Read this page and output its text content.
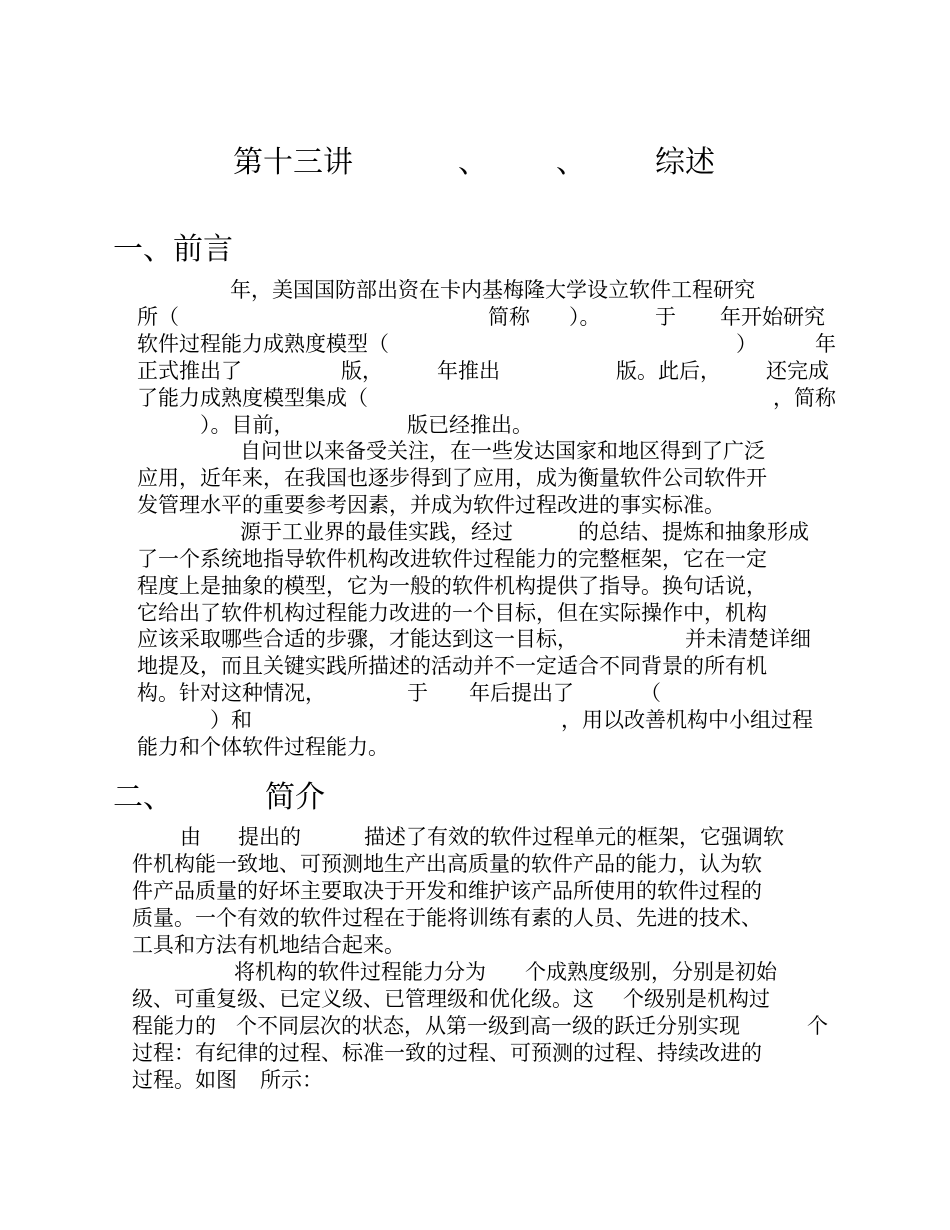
第十三讲	、 、 综述
一、前言
年，美国国防部出资在卡内基梅隆大学设立软件工程研究
所（	简称 ）。	于 年开始研究
软件过程能力成熟度模型（	）	年
正式推出了	版，	年推出	版。此后， 还完成
了能力成熟度模型集成（	，简称
）。目前，	版已经推出。
自问世以来备受关注，在一些发达国家和地区得到了广泛
应用，近年来，在我国也逐步得到了应用，成为衡量软件公司软件开
发管理水平的重要参考因素，并成为软件过程改进的事实标准。
源于工业界的最佳实践，经过	的总结、提炼和抽象形成
了一个系统地指导软件机构改进软件过程能力的完整框架，它在一定
程度上是抽象的模型，它为一般的软件机构提供了指导。换句话说，
它给出了软件机构过程能力改进的一个目标，但在实际操作中，机构
应该采取哪些合适的步骤，才能达到这一目标，	并未清楚详细
地提及，而且关键实践所描述的活动并不一定适合不同背景的所有机
构。针对这种情况，	于 年后提出了	（
）和	，用以改善机构中小组过程
能力和个体软件过程能力。
二、	简介
由 提出的	描述了有效的软件过程单元的框架，它强调软
件机构能一致地、可预测地生产出高质量的软件产品的能力，认为软
件产品质量的好坏主要取决于开发和维护该产品所使用的软件过程的
质量。一个有效的软件过程在于能将训练有素的人员、先进的技术、
工具和方法有机地结合起来。
将机构的软件过程能力分为 个成熟度级别，分别是初始
级、可重复级、已定义级、已管理级和优化级。这 个级别是机构过
程能力的 个不同层次的状态，从第一级到高一级的跃迁分别实现	个
过程：有纪律的过程、标准一致的过程、可预测的过程、持续改进的
过程。如图 所示：
